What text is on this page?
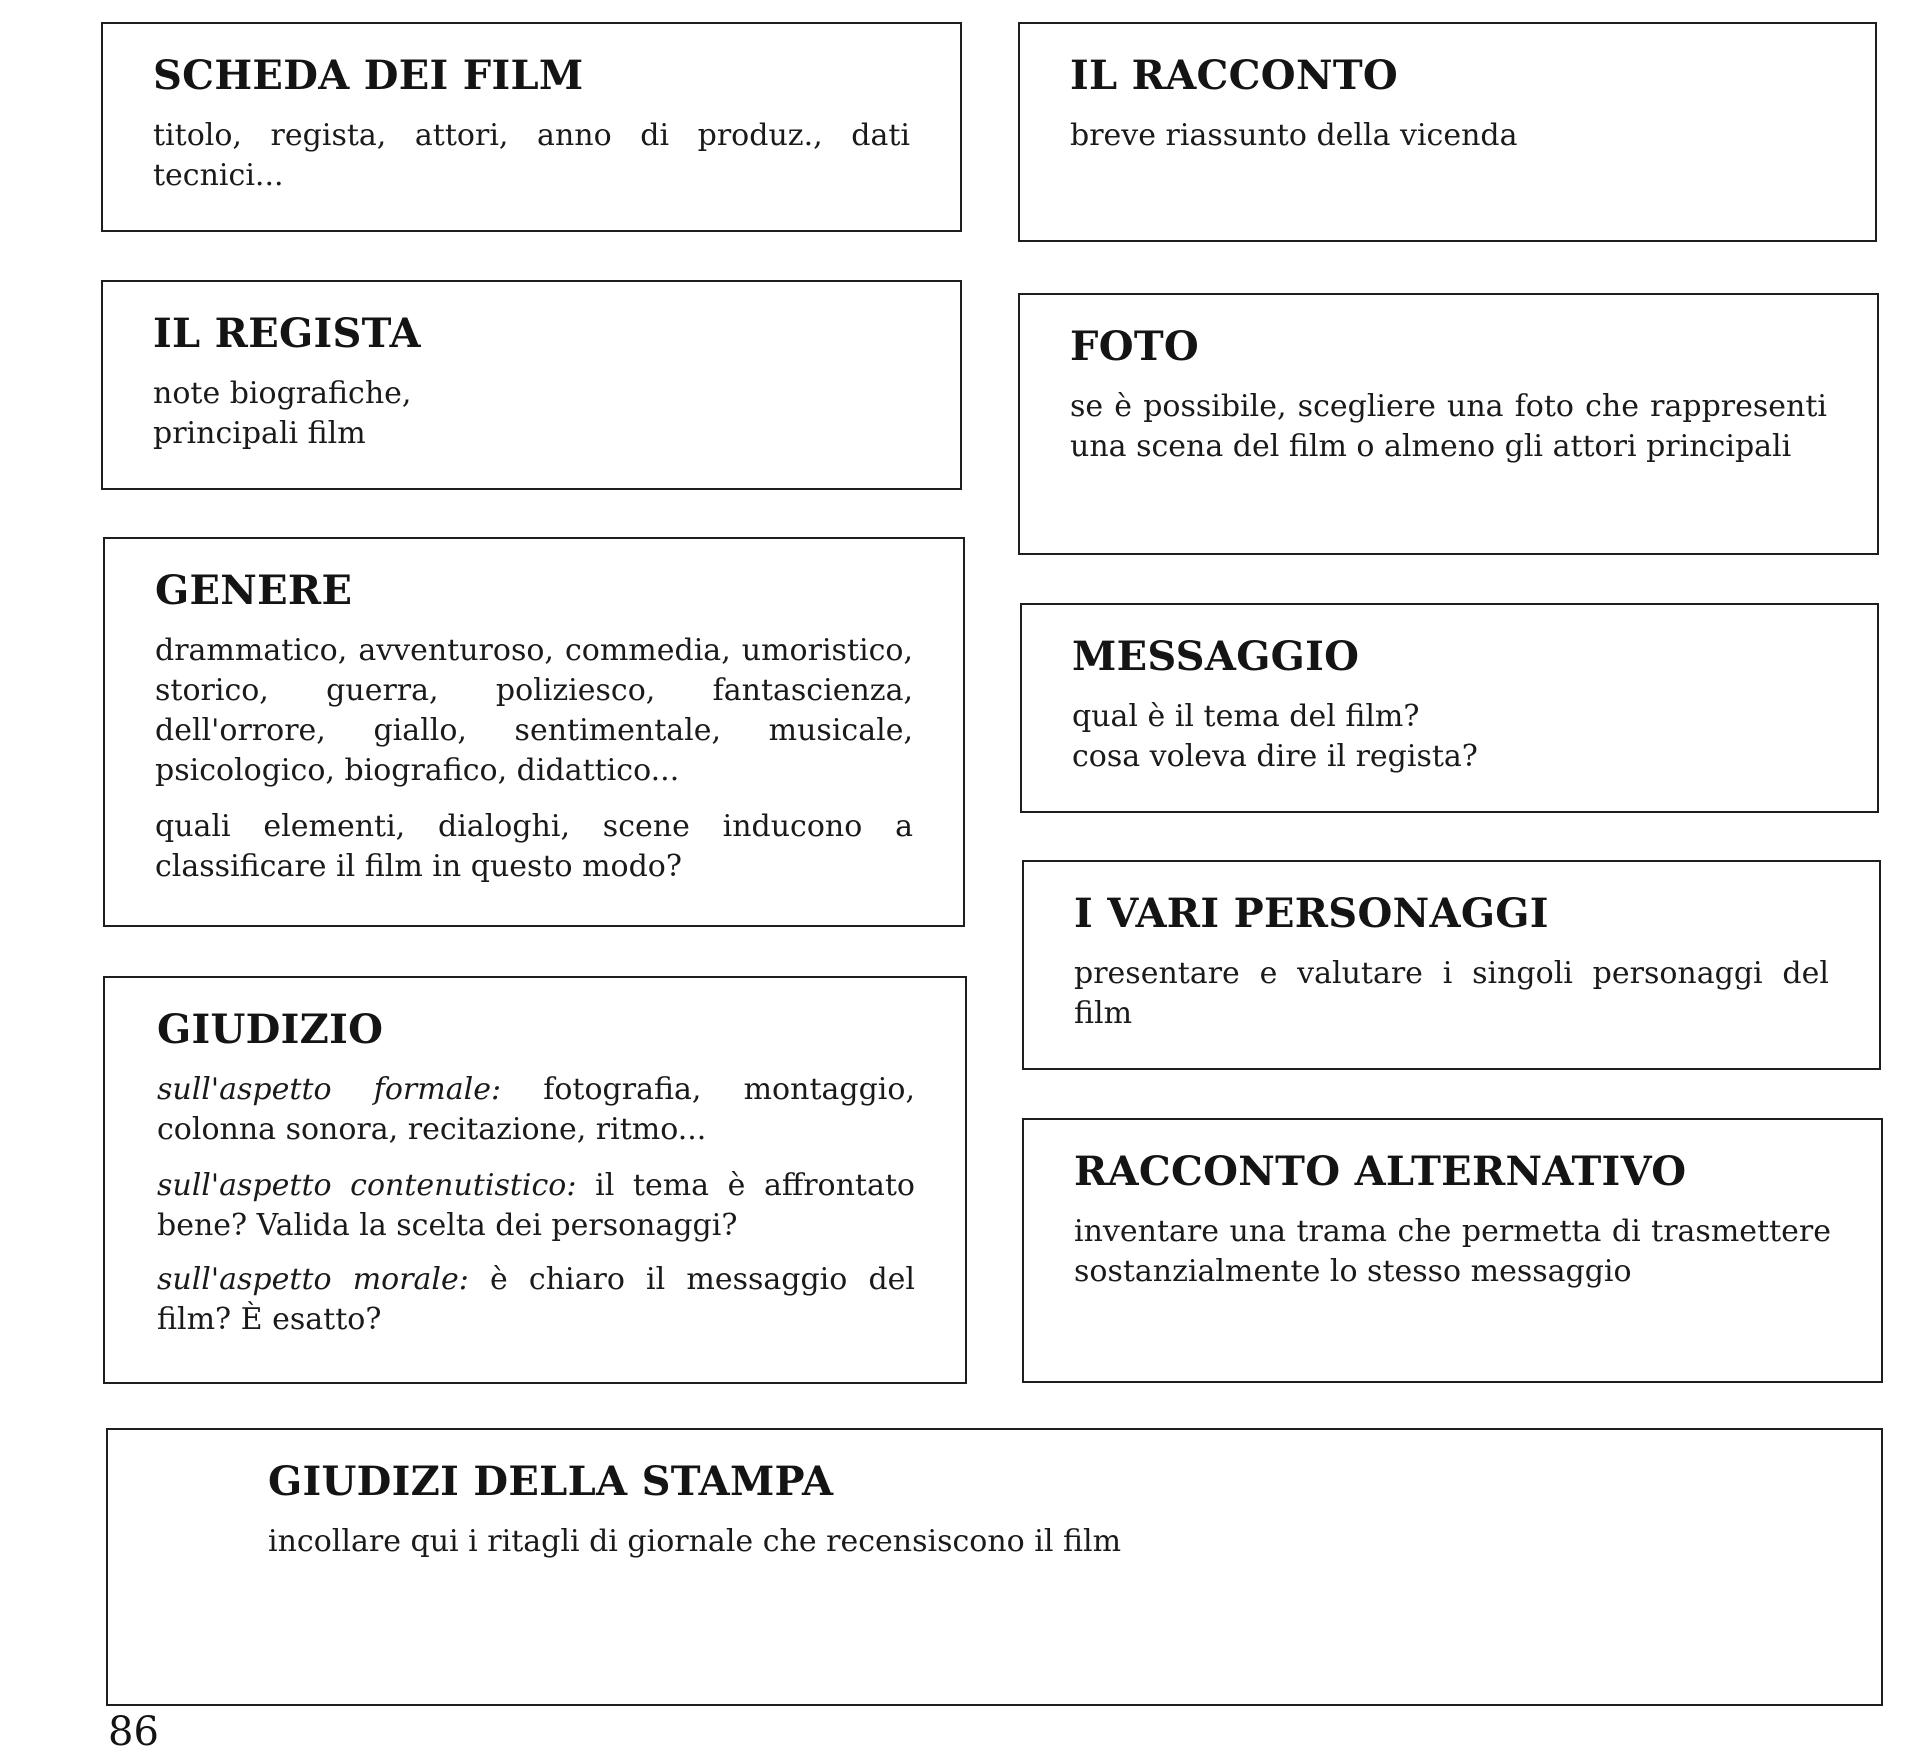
SCHEDA DEI FILM

titolo, regista, attori, anno di produz., dati tecnici...

IL REGISTA

note biografiche,
principali film

GENERE

drammatico, avventuroso, commedia, umoristico, storico, guerra, poliziesco, fantascienza, dell'orrore, giallo, sentimentale, musicale, psicologico, biografico, didattico...

quali elementi, dialoghi, scene inducono a classificare il film in questo modo?

GIUDIZIO

sull'aspetto formale: fotografia, montaggio, colonna sonora, recitazione, ritmo...

sull'aspetto contenutistico: il tema è affrontato bene? Valida la scelta dei personaggi?

sull'aspetto morale: è chiaro il messaggio del film? È esatto?

IL RACCONTO

breve riassunto della vicenda

FOTO

se è possibile, scegliere una foto che rappresenti una scena del film o almeno gli attori principali

MESSAGGIO

qual è il tema del film?
cosa voleva dire il regista?

I VARI PERSONAGGI

presentare e valutare i singoli personaggi del film

RACCONTO ALTERNATIVO

inventare una trama che permetta di trasmettere sostanzialmente lo stesso messaggio

GIUDIZI DELLA STAMPA

incollare qui i ritagli di giornale che recensiscono il film

86
